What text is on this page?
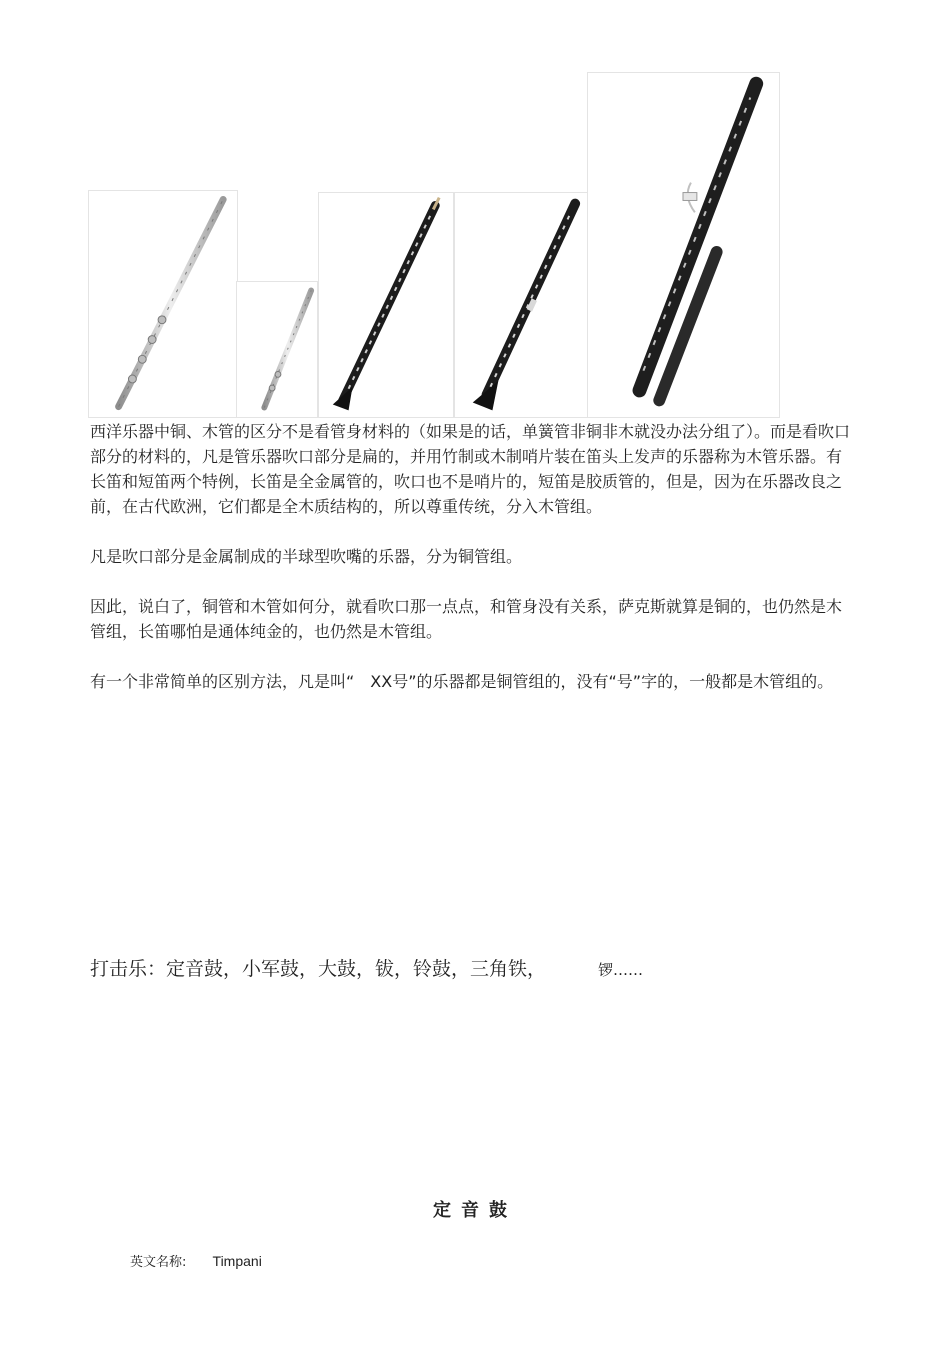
西洋乐器中铜、木管的区分不是看管身材料的（如果是的话，单簧管非铜非木就没办法分组了）。而是看吹口部分的材料的，凡是管乐器吹口部分是扁的，并用竹制或木制哨片装在笛头上发声的乐器称为木管乐器。有长笛和短笛两个特例，长笛是全金属管的，吹口也不是哨片的，短笛是胶质管的，但是，因为在乐器改良之前，在古代欧洲，它们都是全木质结构的，所以尊重传统，分入木管组。

凡是吹口部分是金属制成的半球型吹嘴的乐器，分为铜管组。

因此，说白了，铜管和木管如何分，就看吹口那一点点，和管身没有关系，萨克斯就算是铜的，也仍然是木管组，长笛哪怕是通体纯金的，也仍然是木管组。

有一个非常简单的区别方法，凡是叫“　XX号”的乐器都是铜管组的，没有“号”字的，一般都是木管组的。

打击乐：定音鼓，小军鼓，大鼓，钹，铃鼓，三角铁，	锣……

定音鼓
英文名称: Timpani
